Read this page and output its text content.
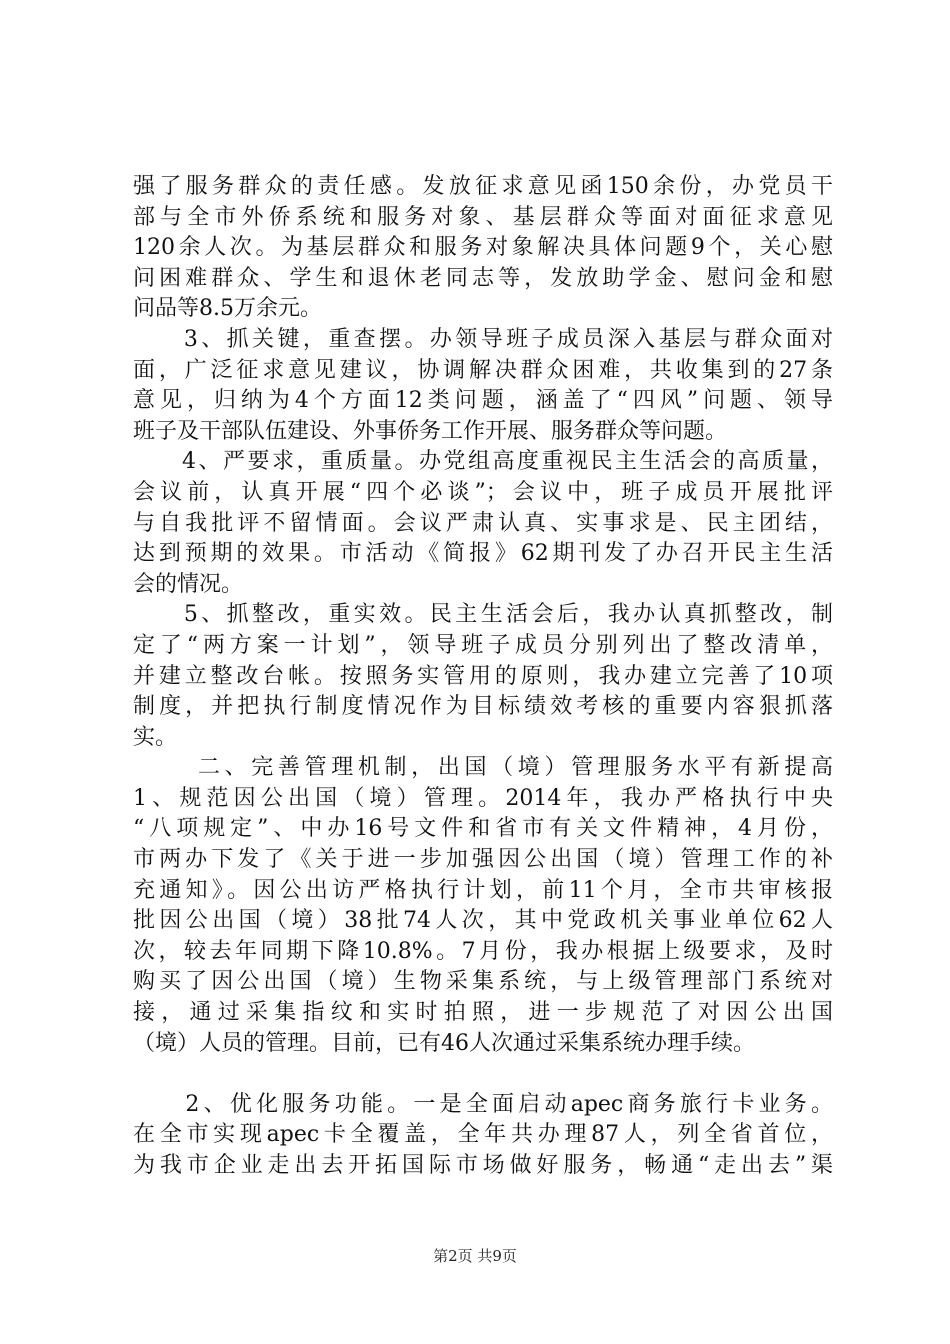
强了服务群众的责任感。发放征求意见函150余份，办党员干
部与全市外侨系统和服务对象、基层群众等面对面征求意见
120余人次。为基层群众和服务对象解决具体问题9个，关心慰
问困难群众、学生和退休老同志等，发放助学金、慰问金和慰
问品等8.5万余元。
　　3、抓关键，重查摆。办领导班子成员深入基层与群众面对
面，广泛征求意见建议，协调解决群众困难，共收集到的27条
意见，归纳为4个方面12类问题，涵盖了“四风”问题、领导
班子及干部队伍建设、外事侨务工作开展、服务群众等问题。
　　4、严要求，重质量。办党组高度重视民主生活会的高质量，
会议前，认真开展“四个必谈”；会议中，班子成员开展批评
与自我批评不留情面。会议严肃认真、实事求是、民主团结，
达到预期的效果。市活动《简报》62期刊发了办召开民主生活
会的情况。
　　5、抓整改，重实效。民主生活会后，我办认真抓整改，制
定了“两方案一计划”，领导班子成员分别列出了整改清单，
并建立整改台帐。按照务实管用的原则，我办建立完善了10项
制度，并把执行制度情况作为目标绩效考核的重要内容狠抓落
实。
　　 二、完善管理机制，出国（境）管理服务水平有新提高
1、规范因公出国（境）管理。2014年，我办严格执行中央
“八项规定”、中办16号文件和省市有关文件精神，4月份，
市两办下发了《关于进一步加强因公出国（境）管理工作的补
充通知》。因公出访严格执行计划，前11个月，全市共审核报
批因公出国（境）38批74人次，其中党政机关事业单位62人
次，较去年同期下降10.8%。7月份，我办根据上级要求，及时
购买了因公出国（境）生物采集系统，与上级管理部门系统对
接，通过采集指纹和实时拍照，进一步规范了对因公出国
（境）人员的管理。目前，已有46人次通过采集系统办理手续。
　　2、优化服务功能。一是全面启动apec商务旅行卡业务。
在全市实现apec卡全覆盖，全年共办理87人，列全省首位，
为我市企业走出去开拓国际市场做好服务，畅通“走出去”渠
第2页 共9页
